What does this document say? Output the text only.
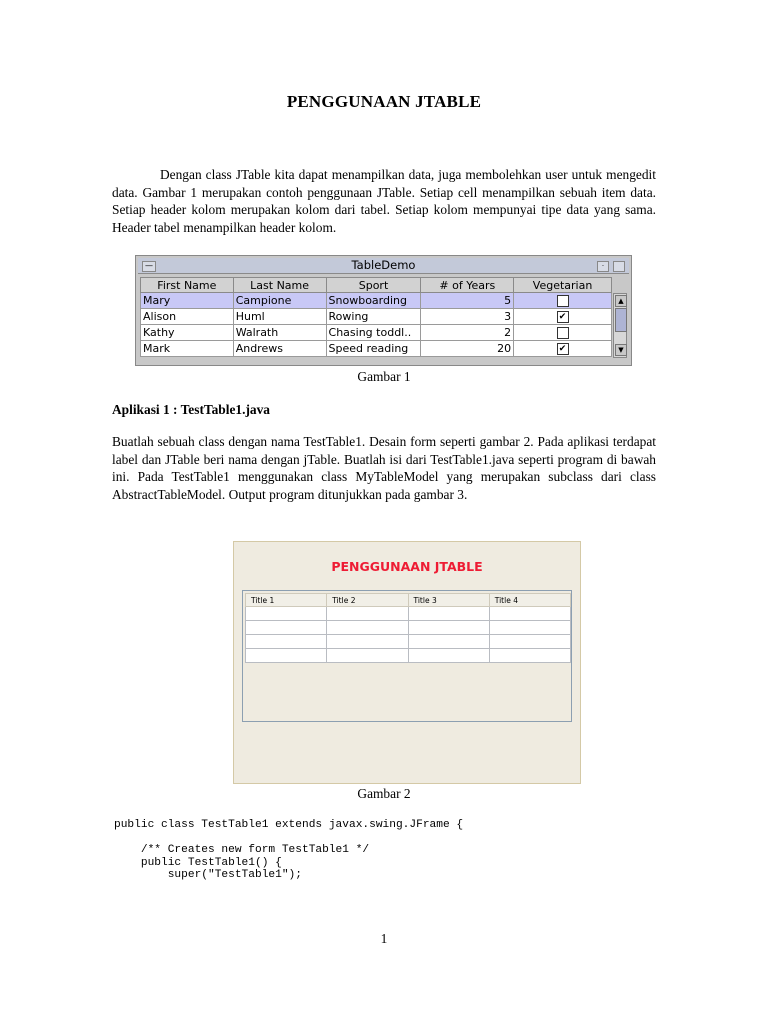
PENGGUNAAN JTABLE
Dengan class JTable kita dapat menampilkan data, juga membolehkan user untuk mengedit data. Gambar 1 merupakan contoh penggunaan JTable. Setiap cell menampilkan sebuah item data. Setiap header kolom merupakan kolom dari tabel. Setiap kolom mempunyai tipe data yang sama. Header tabel menampilkan header kolom.
—	TableDemo	·
First Name	Last Name	Sport	# of Years	Vegetarian
Mary	Campione	Snowboarding	5	
Alison	Huml	Rowing	3	✔
Kathy	Walrath	Chasing toddl..	2	
Mark	Andrews	Speed reading	20	✔
▲
▼
Gambar 1
Aplikasi 1 : TestTable1.java
Buatlah sebuah class dengan nama TestTable1. Desain form seperti gambar 2. Pada aplikasi terdapat label dan JTable beri nama dengan jTable. Buatlah isi dari TestTable1.java seperti program di bawah ini. Pada TestTable1 menggunakan class MyTableModel yang merupakan subclass dari class AbstractTableModel. Output program ditunjukkan pada gambar 3.
PENGGUNAAN JTABLE
Title 1	Title 2	Title 3	Title 4

Gambar 2
public class TestTable1 extends javax.swing.JFrame {

/** Creates new form TestTable1 */
public TestTable1() {
super("TestTable1");
1
